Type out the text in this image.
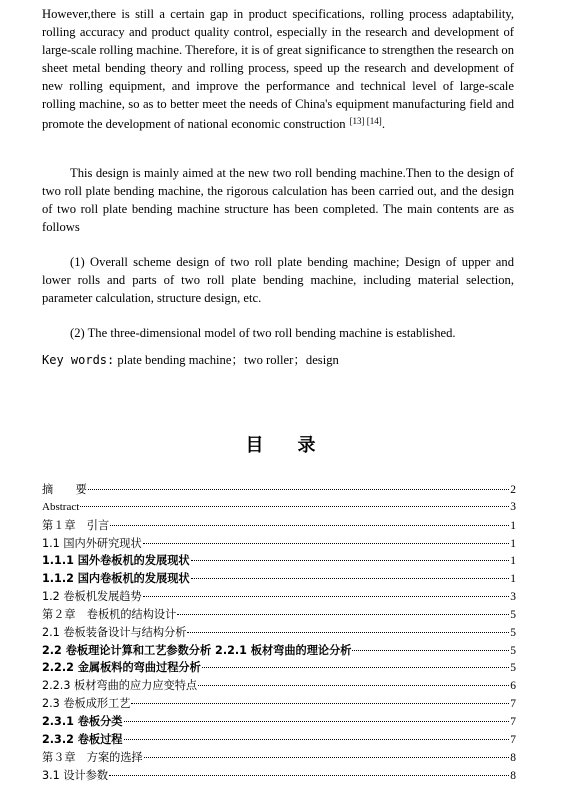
However,there is still a certain gap in product specifications, rolling process adaptability, rolling accuracy and product quality control, especially in the research and development of large-scale rolling machine. Therefore, it is of great significance to strengthen the research on sheet metal bending theory and rolling process, speed up the research and development of new rolling equipment, and improve the performance and technical level of large-scale rolling machine, so as to better meet the needs of China's equipment manufacturing field and promote the development of national economic construction [13] [14].

This design is mainly aimed at the new two roll bending machine.Then to the design of two roll plate bending machine, the rigorous calculation has been carried out, and the design of two roll plate bending machine structure has been completed. The main contents are as follows

(1) Overall scheme design of two roll plate bending machine; Design of upper and lower rolls and parts of two roll plate bending machine, including material selection, parameter calculation, structure design, etc.

(2) The three-dimensional model of two roll bending machine is established.

Key words: plate bending machine；two roller；design
目录
摘　　要	2
Abstract	3
第１章　引言	1
1.1 国内外研究现状	1
1.1.1 国外卷板机的发展现状	1
1.1.2 国内卷板机的发展现状	1
1.2 卷板机发展趋势	3
第２章　卷板机的结构设计	5
2.1 卷板装备设计与结构分析	5
2.2 卷板理论计算和工艺参数分析 2.2.1 板材弯曲的理论分析	5
2.2.2 金属板料的弯曲过程分析	5
2.2.3 板材弯曲的应力应变特点	6
2.3 卷板成形工艺	7
2.3.1 卷板分类	7
2.3.2 卷板过程	7
第３章　方案的选择	8
3.1 设计参数	8
